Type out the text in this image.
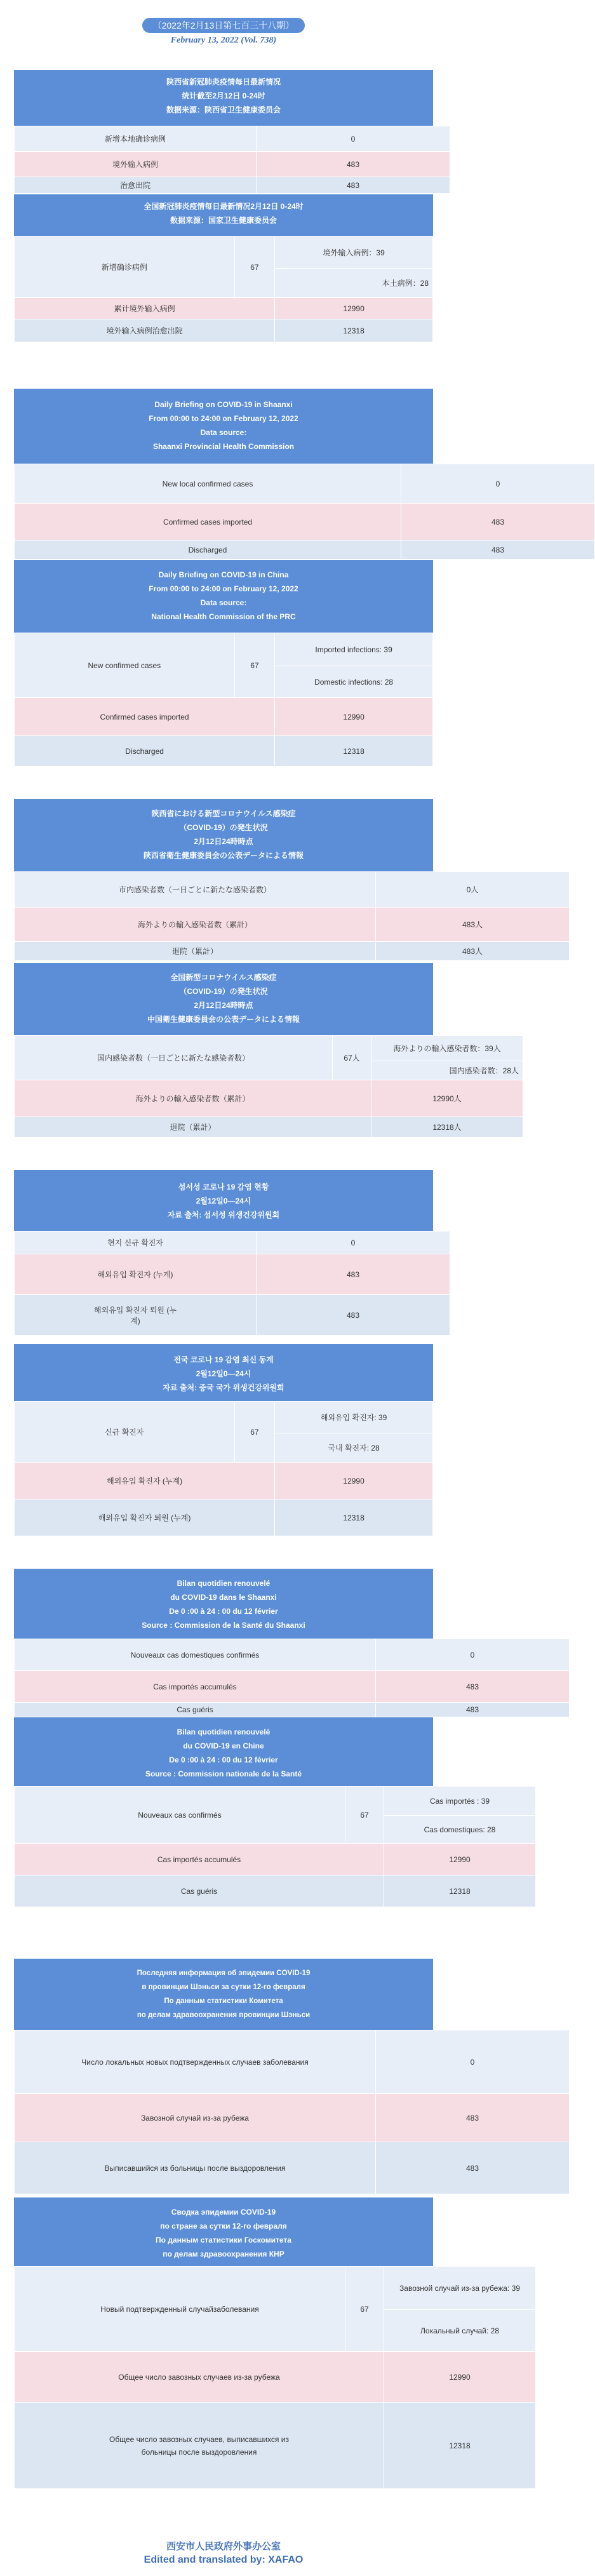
（2022年2月13日第七百三十八期）
February 13, 2022 (Vol. 738)
陕西省新冠肺炎疫情每日最新情况
统计截至2月12日 0-24时
数据来源：陕西省卫生健康委员会
新增本地确诊病例	0
境外输入病例	483
治愈出院	483
全国新冠肺炎疫情每日最新情况2月12日 0-24时
数据来源：国家卫生健康委员会
新增确诊病例	67	境外输入病例：39
		本土病例：28
累计境外输入病例		12990
境外输入病例治愈出院		12318
Daily Briefing on COVID-19 in Shaanxi
From 00:00 to 24:00 on February 12, 2022
Data source:
Shaanxi Provincial Health Commission
New local confirmed cases	0
Confirmed cases imported	483
Discharged	483
Daily Briefing on COVID-19 in China
From 00:00 to 24:00 on February 12, 2022
Data source:
National Health Commission of the PRC
New confirmed cases	67	Imported infections: 39
		Domestic infections: 28
Confirmed cases imported		12990
Discharged		12318
陝西省における新型コロナウイルス感染症
（COVID-19）の発生状況
2月12日24時時点
陝西省衛生健康委員会の公表データによる情報
市内感染者数（一日ごとに新たな感染者数）	0人
海外よりの輸入感染者数（累計）	483人
退院（累計）	483人
全国新型コロナウイルス感染症
（COVID-19）の発生状況
2月12日24時時点
中国衛生健康委員会の公表データによる情報
国内感染者数（一日ごとに新たな感染者数）	67人	海外よりの輸入感染者数：39人
		国内感染者数：28人
海外よりの輸入感染者数（累計）		12990人
退院（累計）		12318人
섬서성 코로나 19 감염 현황
2월12일0—24시
자료 출처: 섬서성 위생건강위원회
현지 신규 확진자	0
해외유입 확진자 (누계)	483
해외유입 확진자 퇴원 (누계)	483
전국 코로나 19 감염 최신 동계
2월12일0—24시
자료 출처: 중국 국가 위생건강위원회
신규 확진자	67	해외유입 확진자: 39
		국내 확진자: 28
해외유입 확진자 (누계)		12990
해외유입 확진자 퇴원 (누계)		12318
Bilan quotidien renouvelé
du COVID-19 dans le Shaanxi
De 0 :00 à 24 : 00 du 12 février
Source : Commission de la Santé du Shaanxi
Nouveaux cas domestiques confirmés	0
Cas importés accumulés	483
Cas guéris	483
Bilan quotidien renouvelé
du COVID-19 en Chine
De 0 :00 à 24 : 00 du 12 février
Source : Commission nationale de la Santé
Nouveaux cas confirmés	67	Cas importés : 39
		Cas domestiques: 28
Cas importés accumulés		12990
Cas guéris		12318
Последняя информация об эпидемии COVID-19
в провинции Шэньси за сутки 12-го февраля
По данным статистики Комитета
по делам здравоохранения провинции Шэньси
Число локальных новых подтвержденных случаев заболевания	0
Завозной случай из-за рубежа	483
Выписавшийся из больницы после выздоровления	483
Сводка эпидемии COVID-19
по стране за сутки 12-го февраля
По данным статистики Госкомитета
по делам здравоохранения КНР
Новый подтвержденный случайзаболевания	67	Завозной случай из-за рубежа: 39
		Локальный случай: 28
Общее число завозных случаев из-за рубежа		12990
Общее число завозных случаев, выписавшихся из больницы после выздоровления		12318
西安市人民政府外事办公室
Edited and translated by: XAFAO
